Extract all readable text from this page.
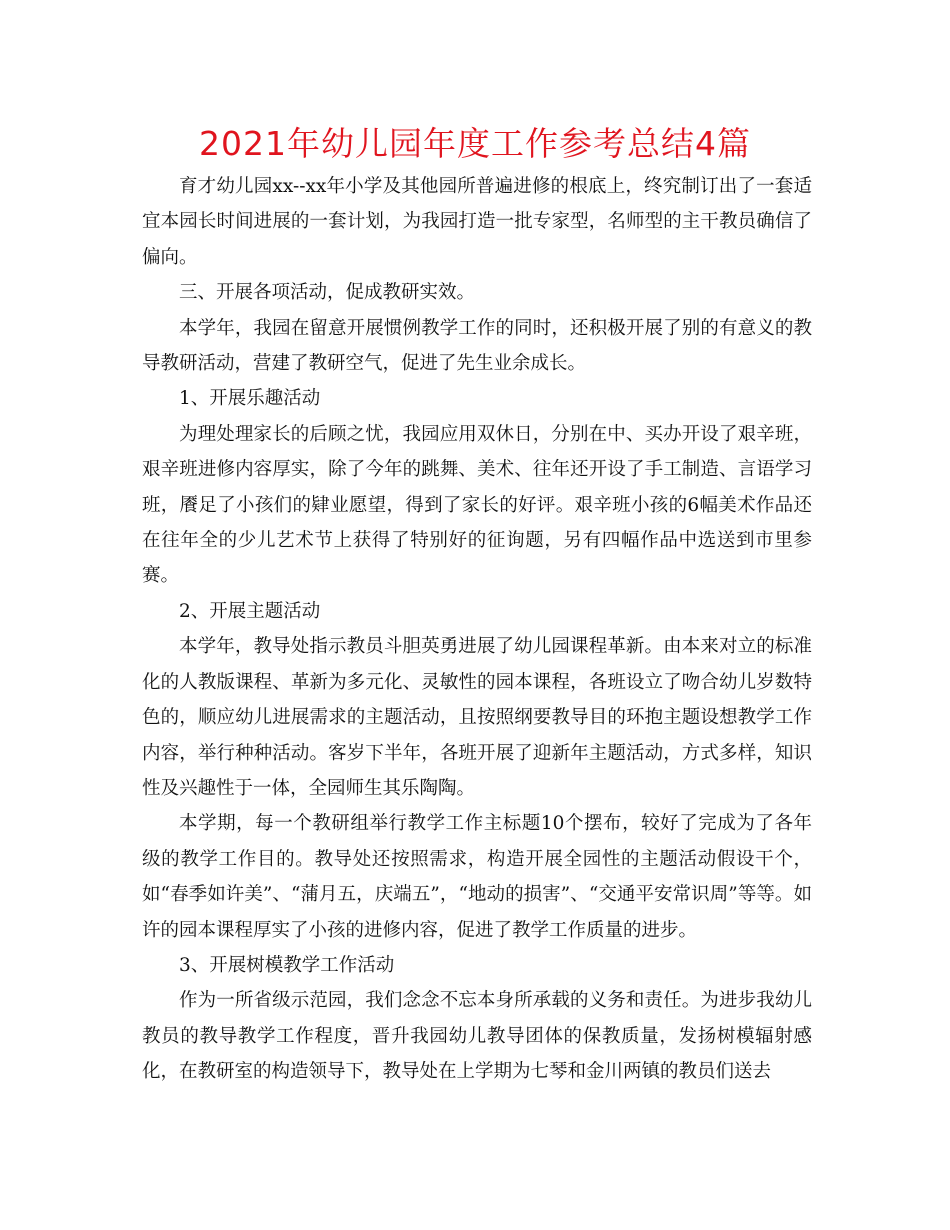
2021年幼儿园年度工作参考总结4篇

育才幼儿园xx--xx年小学及其他园所普遍进修的根底上，终究制订出了一套适宜本园长时间进展的一套计划，为我园打造一批专家型，名师型的主干教员确信了偏向。

三、开展各项活动，促成教研实效。

本学年，我园在留意开展惯例教学工作的同时，还积极开展了别的有意义的教导教研活动，营建了教研空气，促进了先生业余成长。

1、开展乐趣活动

为理处理家长的后顾之忧，我园应用双休日，分别在中、买办开设了艰辛班，艰辛班进修内容厚实，除了今年的跳舞、美术、往年还开设了手工制造、言语学习班，餍足了小孩们的肄业愿望，得到了家长的好评。艰辛班小孩的6幅美术作品还在往年全的少儿艺术节上获得了特别好的征询题，另有四幅作品中选送到市里参赛。

2、开展主题活动

本学年，教导处指示教员斗胆英勇进展了幼儿园课程革新。由本来对立的标准化的人教版课程、革新为多元化、灵敏性的园本课程，各班设立了吻合幼儿岁数特色的，顺应幼儿进展需求的主题活动，且按照纲要教导目的环抱主题设想教学工作内容，举行种种活动。客岁下半年，各班开展了迎新年主题活动，方式多样，知识性及兴趣性于一体，全园师生其乐陶陶。

本学期，每一个教研组举行教学工作主标题10个摆布，较好了完成为了各年级的教学工作目的。教导处还按照需求，构造开展全园性的主题活动假设干个，如“春季如许美”、“蒲月五，庆端五”，“地动的损害”、“交通平安常识周”等等。如许的园本课程厚实了小孩的进修内容，促进了教学工作质量的进步。

3、开展树模教学工作活动

作为一所省级示范园，我们念念不忘本身所承载的义务和责任。为进步我幼儿教员的教导教学工作程度，晋升我园幼儿教导团体的保教质量，发扬树模辐射感化，在教研室的构造领导下，教导处在上学期为七琴和金川两镇的教员们送去
